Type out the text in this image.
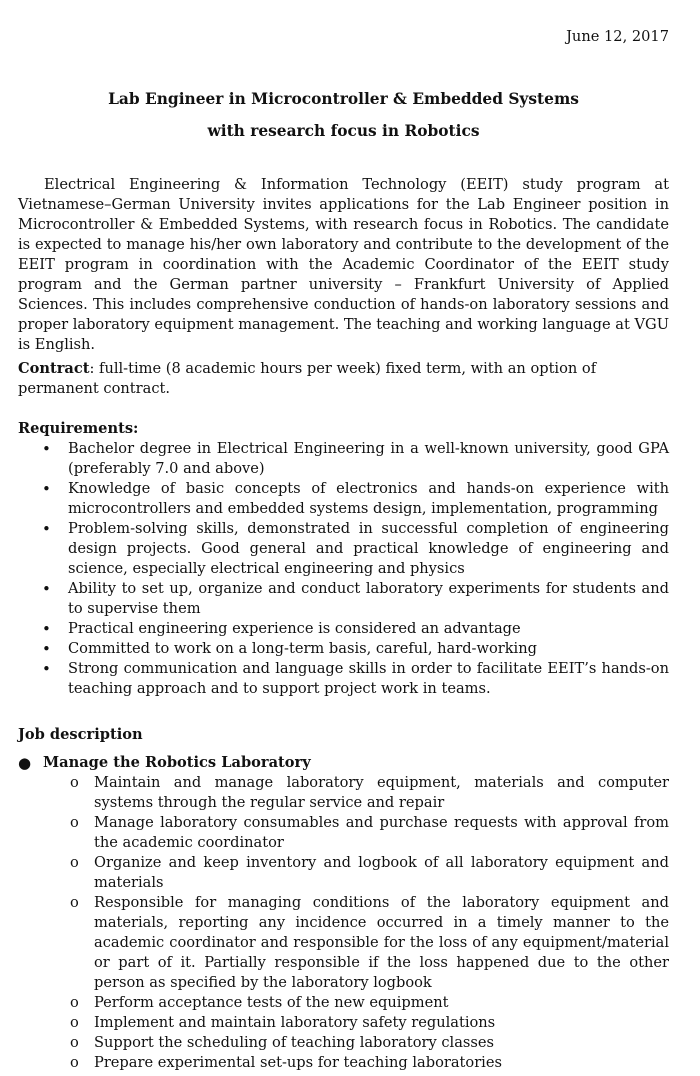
June 12, 2017

Lab Engineer in Microcontroller & Embedded Systems

with research focus in Robotics

Electrical Engineering & Information Technology (EEIT) study program at Vietnamese–German University invites applications for the Lab Engineer position in Microcontroller & Embedded Systems, with research focus in Robotics. The candidate is expected to manage his/her own laboratory and contribute to the development of the EEIT program in coordination with the Academic Coordinator of the EEIT study program and the German partner university – Frankfurt University of Applied Sciences. This includes comprehensive conduction of hands-on laboratory sessions and proper laboratory equipment management. The teaching and working language at VGU is English.

Contract: full-time (8 academic hours per week) fixed term, with an option of permanent contract.

Requirements:

• Bachelor degree in Electrical Engineering in a well-known university, good GPA (preferably 7.0 and above)
• Knowledge of basic concepts of electronics and hands-on experience with microcontrollers and embedded systems design, implementation, programming
• Problem-solving skills, demonstrated in successful completion of engineering design projects. Good general and practical knowledge of engineering and science, especially electrical engineering and physics
• Ability to set up, organize and conduct laboratory experiments for students and to supervise them
• Practical engineering experience is considered an advantage
• Committed to work on a long-term basis, careful, hard-working
• Strong communication and language skills in order to facilitate EEIT’s hands-on teaching approach and to support project work in teams.

Job description

● Manage the Robotics Laboratory

o Maintain and manage laboratory equipment, materials and computer systems through the regular service and repair
o Manage laboratory consumables and purchase requests with approval from the academic coordinator
o Organize and keep inventory and logbook of all laboratory equipment and materials
o Responsible for managing conditions of the laboratory equipment and materials, reporting any incidence occurred in a timely manner to the academic coordinator and responsible for the loss of any equipment/material or part of it. Partially responsible if the loss happened due to the other person as specified by the laboratory logbook
o Perform acceptance tests of the new equipment
o Implement and maintain laboratory safety regulations
o Support the scheduling of teaching laboratory classes
o Prepare experimental set-ups for teaching laboratories
